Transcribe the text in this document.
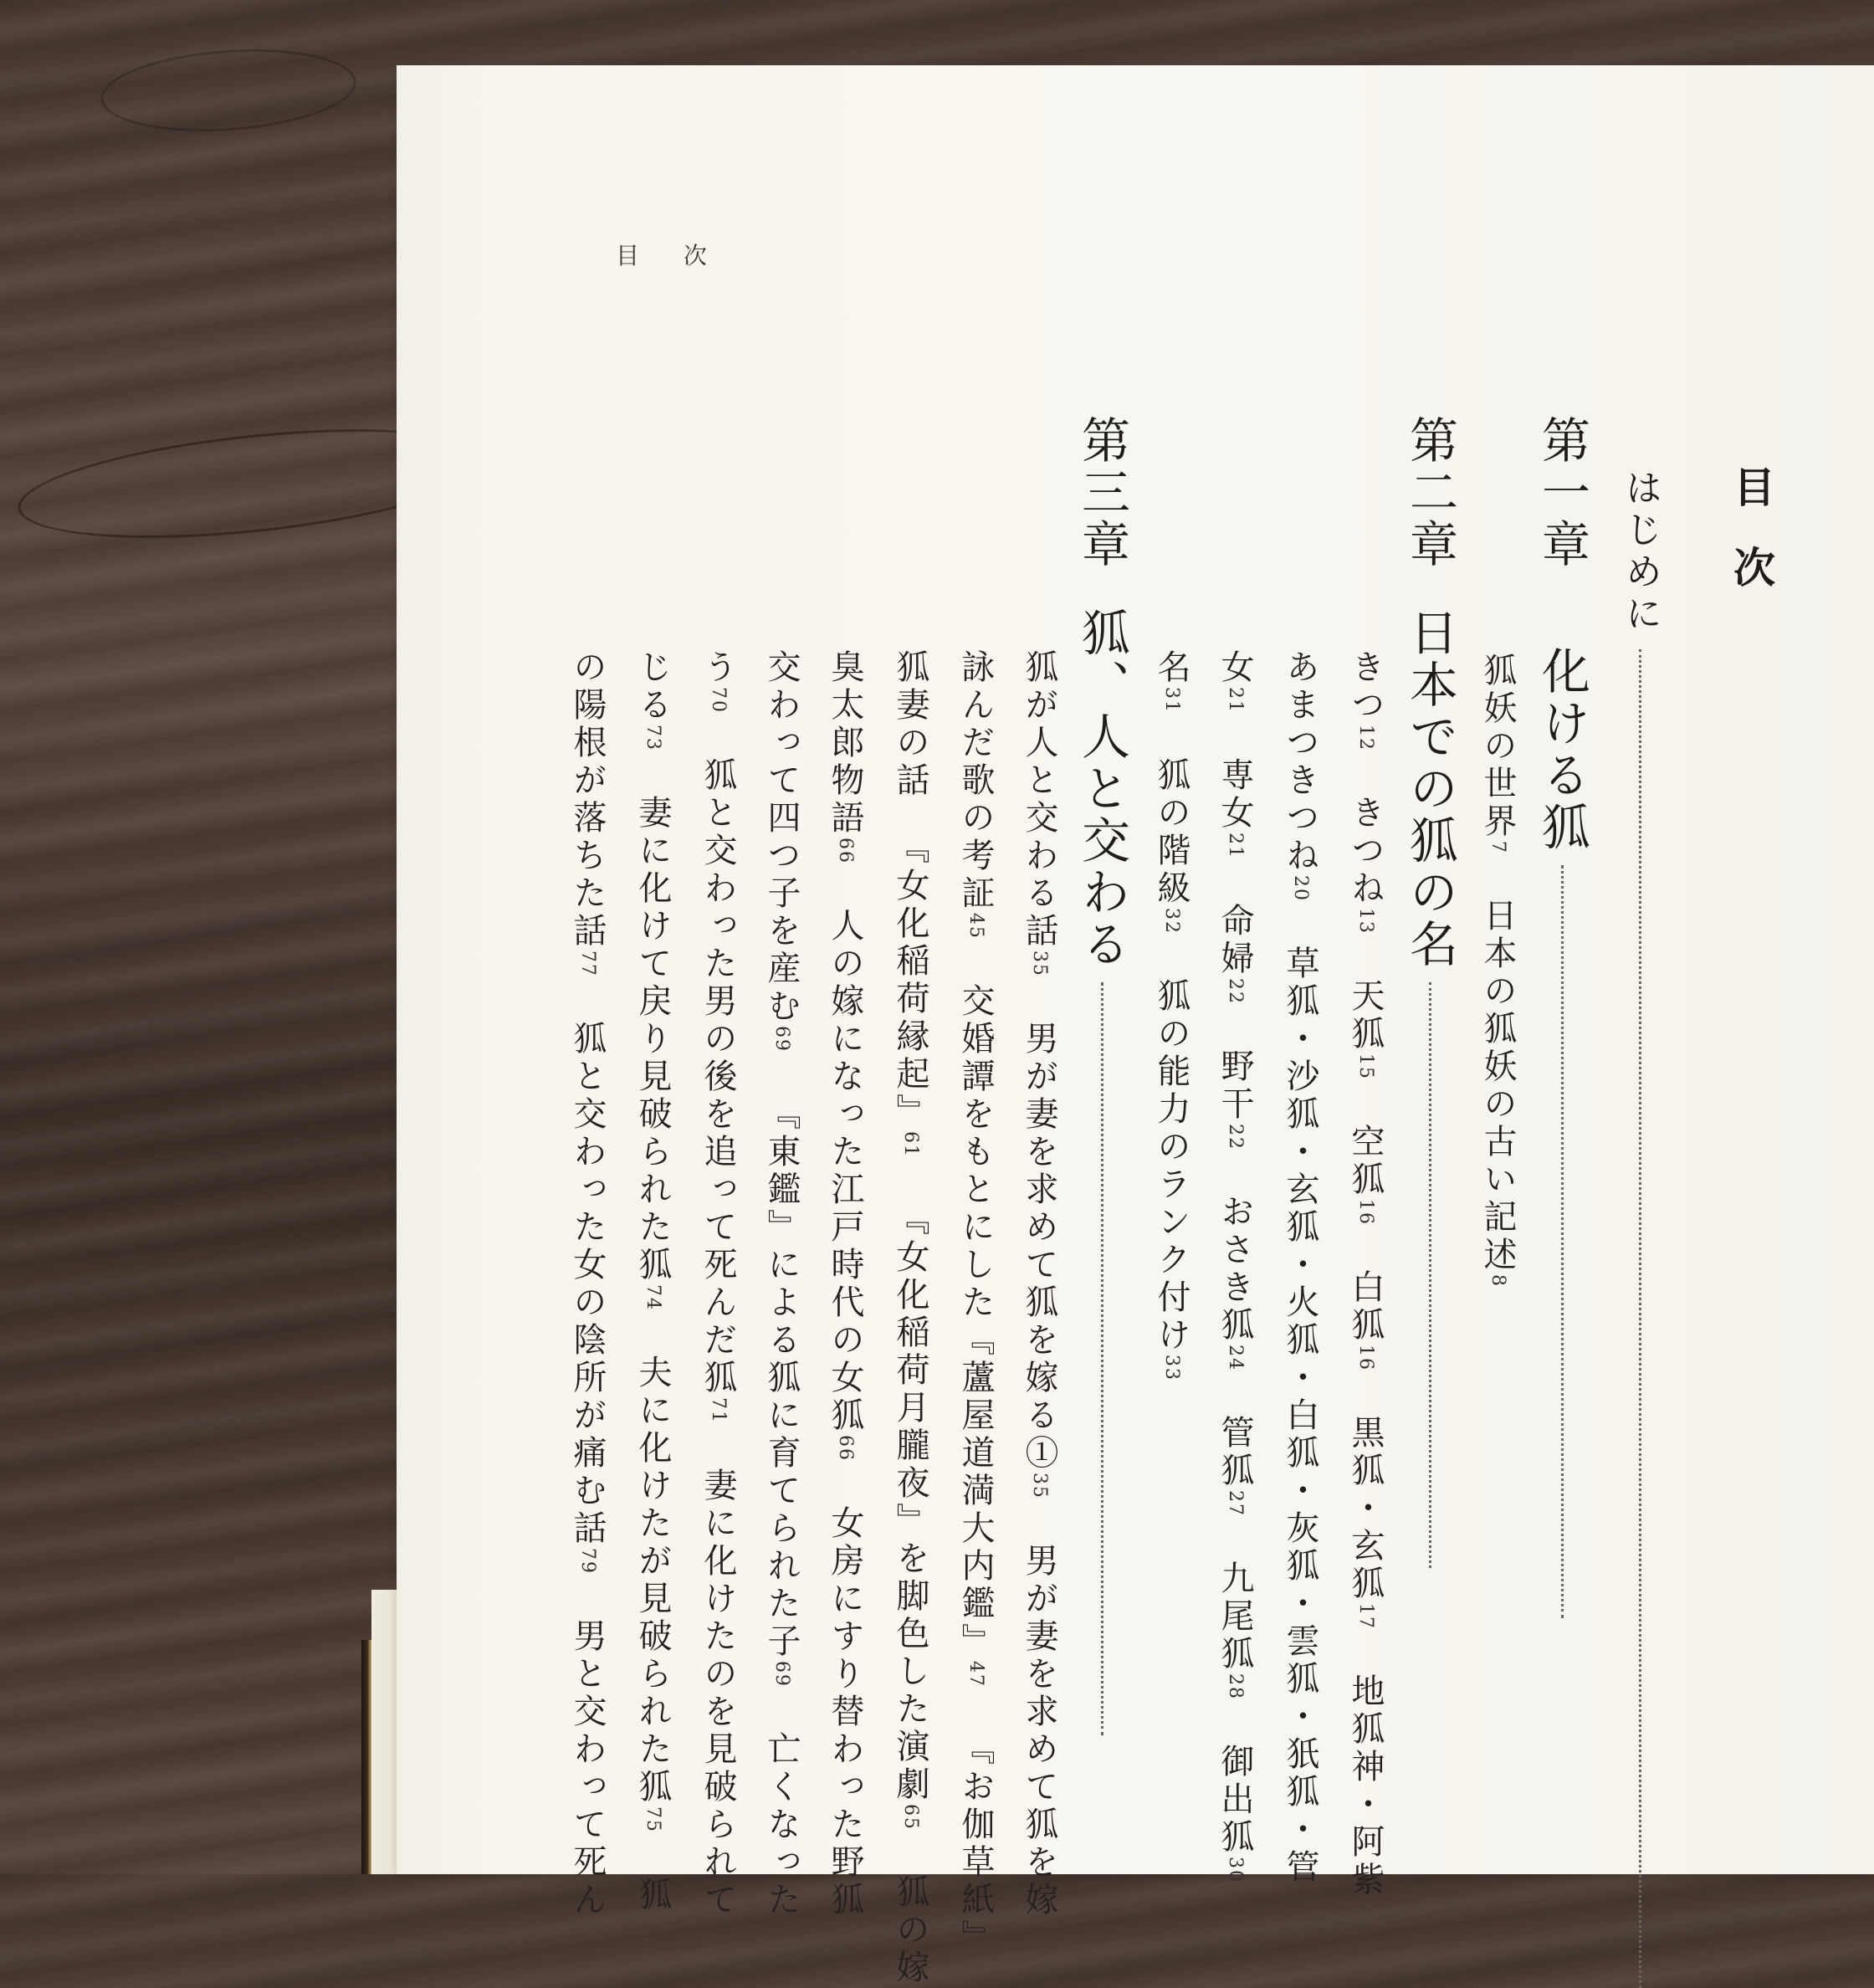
目 次
目次
はじめに
第一章化ける狐
狐妖の世界7日本の狐妖の古い記述8
第二章日本での狐の名
きつ12きつね13天狐15空狐16白狐16黒狐・玄狐17地狐神・阿紫
あまつきつね20草狐・沙狐・玄狐・火狐・白狐・灰狐・雲狐・㹝狐・管
女21専女21命婦22野干22おさき狐24管狐27九尾狐28御出狐30
名31狐の階級32狐の能力のランク付け33
第三章狐、人と交わる
狐が人と交わる話35男が妻を求めて狐を嫁る①35男が妻を求めて狐を嫁
詠んだ歌の考証45交婚譚をもとにした『蘆屋道満大内鑑』47『お伽草紙』
狐妻の話『女化稲荷縁起』61『女化稲荷月朧夜』を脚色した演劇65狐の嫁
臭太郎物語66人の嫁になった江戸時代の女狐66女房にすり替わった野狐
交わって四つ子を産む69『東鑑』による狐に育てられた子69亡くなった
う70狐と交わった男の後を追って死んだ狐71妻に化けたのを見破られて
じる73妻に化けて戻り見破られた狐74夫に化けたが見破られた狐75狐
の陽根が落ちた話77狐と交わった女の陰所が痛む話79男と交わって死ん
